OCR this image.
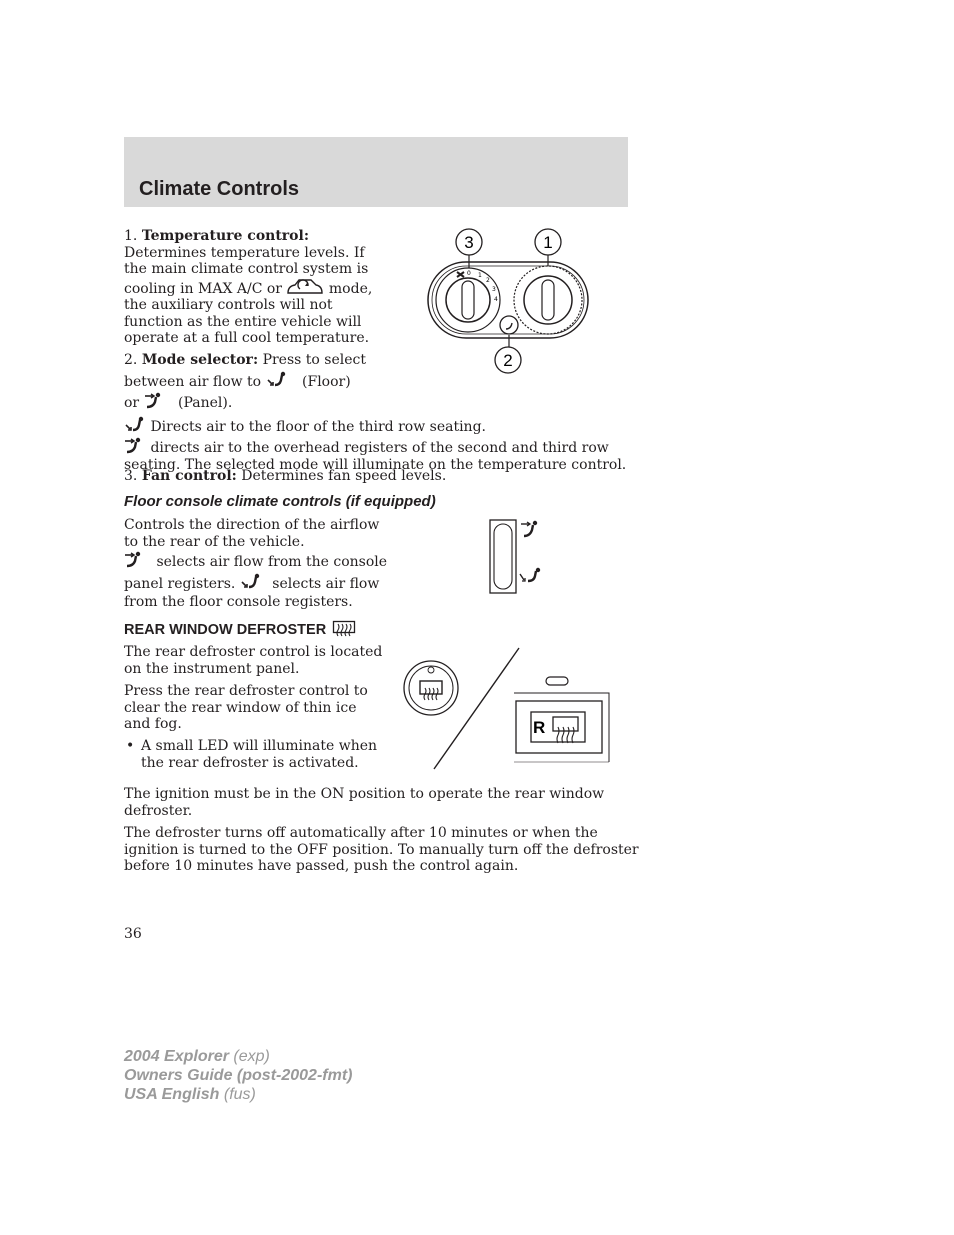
Climate Controls
1. Temperature control:
Determines temperature levels. If
the main climate control system is
cooling in MAX A/C or	mode,
the auxiliary controls will not
function as the entire vehicle will
operate at a full cool temperature.
2. Mode selector: Press to select
between air flow to	(Floor)
or	(Panel).
Directs air to the floor of the third row seating.
directs air to the overhead registers of the second and third row
seating. The selected mode will illuminate on the temperature control.
3. Fan control: Determines fan speed levels.
0 1
2
3
4
3	1
2
Floor console climate controls (if equipped)
Controls the direction of the airflow
to the rear of the vehicle.
selects air flow from the console
panel registers.	selects air flow
from the floor console registers.
REAR WINDOW DEFROSTER
The rear defroster control is located
on the instrument panel.
Press the rear defroster control to
clear the rear window of thin ice
and fog.
• A small LED will illuminate when
the rear defroster is activated.
R
The ignition must be in the ON position to operate the rear window
defroster.
The defroster turns off automatically after 10 minutes or when the
ignition is turned to the OFF position. To manually turn off the defroster
before 10 minutes have passed, push the control again.
36
2004 Explorer (exp)
Owners Guide (post-2002-fmt)
USA English (fus)
